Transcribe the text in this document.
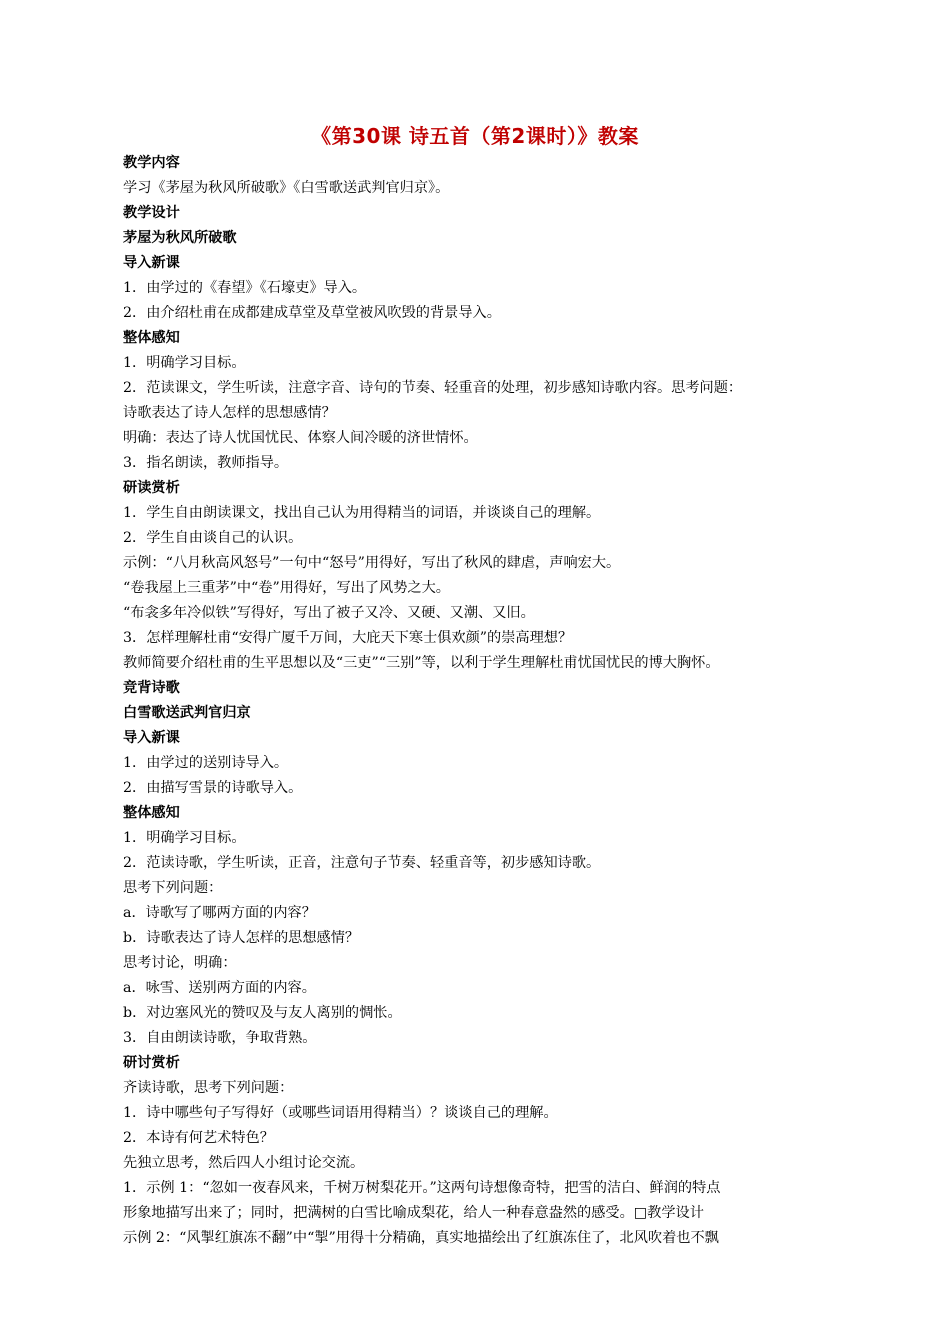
《第30课 诗五首（第2课时）》教案
教学内容
学习《茅屋为秋风所破歌》《白雪歌送武判官归京》。
教学设计
茅屋为秋风所破歌
导入新课
1．由学过的《春望》《石壕吏》导入。
2．由介绍杜甫在成都建成草堂及草堂被风吹毁的背景导入。
整体感知
1．明确学习目标。
2．范读课文，学生听读，注意字音、诗句的节奏、轻重音的处理，初步感知诗歌内容。思考问题：
诗歌表达了诗人怎样的思想感情？
明确：表达了诗人忧国忧民、体察人间冷暖的济世情怀。
3．指名朗读，教师指导。
研读赏析
1．学生自由朗读课文，找出自己认为用得精当的词语，并谈谈自己的理解。
2．学生自由谈自己的认识。
示例：“八月秋高风怒号”一句中“怒号”用得好，写出了秋风的肆虐，声响宏大。
“卷我屋上三重茅”中“卷”用得好，写出了风势之大。
“布衾多年冷似铁”写得好，写出了被子又冷、又硬、又潮、又旧。
3．怎样理解杜甫“安得广厦千万间，大庇天下寒士俱欢颜”的崇高理想？
教师简要介绍杜甫的生平思想以及“三吏”“三别”等，以利于学生理解杜甫忧国忧民的博大胸怀。
竞背诗歌
白雪歌送武判官归京
导入新课
1．由学过的送别诗导入。
2．由描写雪景的诗歌导入。
整体感知
1．明确学习目标。
2．范读诗歌，学生听读，正音，注意句子节奏、轻重音等，初步感知诗歌。
思考下列问题：
a．诗歌写了哪两方面的内容？
b．诗歌表达了诗人怎样的思想感情？
思考讨论，明确：
a．咏雪、送别两方面的内容。
b．对边塞风光的赞叹及与友人离别的惆怅。
3．自由朗读诗歌，争取背熟。
研讨赏析
齐读诗歌，思考下列问题：
1．诗中哪些句子写得好（或哪些词语用得精当）？谈谈自己的理解。
2．本诗有何艺术特色？
先独立思考，然后四人小组讨论交流。
1．示例 1：“忽如一夜春风来，千树万树梨花开。”这两句诗想像奇特，把雪的洁白、鲜润的特点
形象地描写出来了；同时，把满树的白雪比喻成梨花，给人一种春意盎然的感受。□教学设计
示例 2：“风掣红旗冻不翻”中“掣”用得十分精确，真实地描绘出了红旗冻住了，北风吹着也不飘
